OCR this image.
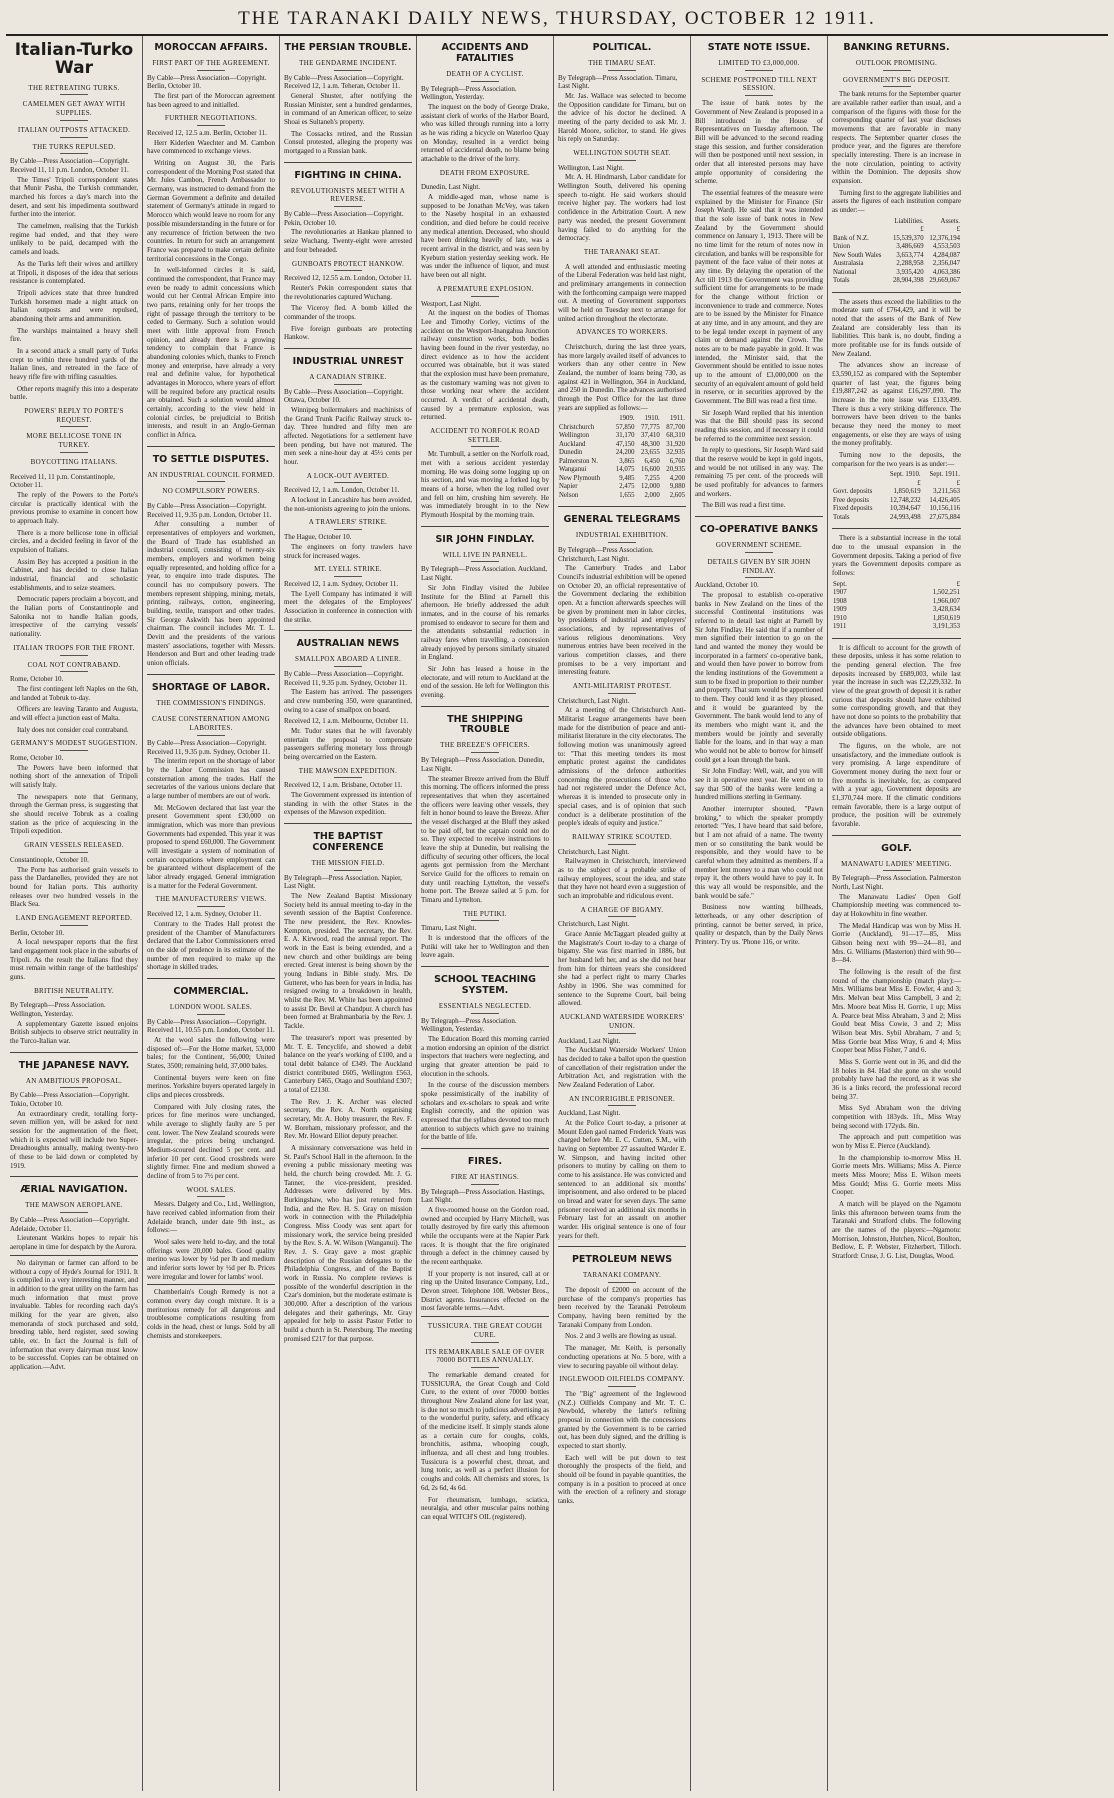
THE TARANAKI DAILY NEWS, THURSDAY, OCTOBER 12 1911.
Italian-Turko War
THE RETREATING TURKS.
CAMELMEN GET AWAY WITH SUPPLIES.
ITALIAN OUTPOSTS ATTACKED.
THE TURKS REPULSED.
By Cable—Press Association—Copyright. Received 11, 11 p.m. London, October 11.
The Times' Tripoli correspondent states that Munir Pasha, the Turkish commander, marched his forces a day's march into the desert, and sent his impedimenta southward further into the interior.
The camelmen, realising that the Turkish regime had ended, and that they were unlikely to be paid, decamped with the camels and loads.
As the Turks left their wives and artillery at Tripoli, it disposes of the idea that serious resistance is contemplated.
Tripoli advices state that three hundred Turkish horsemen made a night attack on Italian outposts and were repulsed, abandoning their arms and ammunition.
The warships maintained a heavy shell fire.
In a second attack a small party of Turks crept to within three hundred yards of the Italian lines, and retreated in the face of heavy rifle fire with trifling casualties.
Other reports magnify this into a desperate battle.
POWERS' REPLY TO PORTE'S REQUEST.
MORE BELLICOSE TONE IN TURKEY.
BOYCOTTING ITALIANS.
Received 11, 11 p.m. Constantinople, October 11.
The reply of the Powers to the Porte's circular is practically identical with the previous promise to examine in concert how to approach Italy.
There is a more bellicose tone in official circles, and a decided feeling in favor of the expulsion of Italians.
Assim Bey has accepted a position in the Cabinet, and has decided to close Italian industrial, financial and scholastic establishments, and to seize steamers.
Democratic papers proclaim a boycott, and the Italian ports of Constantinople and Salonika not to handle Italian goods, irrespective of the carrying vessels' nationality.
ITALIAN TROOPS FOR THE FRONT.
COAL NOT CONTRABAND.
Rome, October 10.
The first contingent left Naples on the 6th, and landed at Tobruk to-day.
Officers are leaving Taranto and Augusta, and will effect a junction east of Malta.
Italy does not consider coal contraband.
GERMANY'S MODEST SUGGESTION.
Rome, October 10.
The Powers have been informed that nothing short of the annexation of Tripoli will satisfy Italy.
The newspapers note that Germany, through the German press, is suggesting that she should receive Tobruk as a coaling station as the price of acquiescing in the Tripoli expedition.
GRAIN VESSELS RELEASED.
Constantinople, October 10.
The Porte has authorised grain vessels to pass the Dardanelles, provided they are not bound for Italian ports. This authority releases over two hundred vessels in the Black Sea.
LAND ENGAGEMENT REPORTED.
Berlin, October 10.
A local newspaper reports that the first land engagement took place in the suburbs of Tripoli. As the result the Italians find they must remain within range of the battleships' guns.
BRITISH NEUTRALITY.
By Telegraph—Press Association. Wellington, Yesterday.
A supplementary Gazette issued enjoins British subjects to observe strict neutrality in the Turco-Italian war.
THE JAPANESE NAVY.
AN AMBITIOUS PROPOSAL.
By Cable—Press Association—Copyright. Tokio, October 10.
An extraordinary credit, totalling forty-seven million yen, will be asked for next session for the augmentation of the fleet, which it is expected will include two Super-Dreadnoughts annually, making twenty-two of these to be laid down or completed by 1919.
ÆRIAL NAVIGATION.
THE MAWSON AEROPLANE.
By Cable—Press Association—Copyright. Adelaide, October 11.
Lieutenant Watkins hopes to repair his aeroplane in time for despatch by the Aurora.
No dairyman or farmer can afford to be without a copy of Hyde's Journal for 1911. It is compiled in a very interesting manner, and in addition to the great utility on the farm has much information that must prove invaluable. Tables for recording each day's milking for the year are given, also memoranda of stock purchased and sold, breeding table, herd register, seed sowing table, etc. In fact the Journal is full of information that every dairyman must know to be successful. Copies can be obtained on application.—Advt.
MOROCCAN AFFAIRS.
FIRST PART OF THE AGREEMENT.
By Cable—Press Association—Copyright. Berlin, October 10.
The first part of the Moroccan agreement has been agreed to and initialled.
FURTHER NEGOTIATIONS.
Received 12, 12.5 a.m. Berlin, October 11.
Herr Kiderlen Waechter and M. Cambon have commenced to exchange views.
Writing on August 30, the Paris correspondent of the Morning Post stated that Mr. Jules Cambon, French Ambassador to Germany, was instructed to demand from the German Government a definite and detailed statement of Germany's attitude in regard to Morocco which would leave no room for any possible misunderstanding in the future or for any recurrence of friction between the two countries. In return for such an arrangement France was prepared to make certain definite territorial concessions in the Congo.
In well-informed circles it is said, continued the correspondent, that France may even be ready to admit concessions which would cut her Central African Empire into two parts, retaining only for her troops the right of passage through the territory to be ceded to Germany. Such a solution would meet with little approval from French opinion, and already there is a growing tendency to complain that France is abandoning colonies which, thanks to French money and enterprise, have already a very real and definite value, for hypothetical advantages in Morocco, where years of effort will be required before any practical results are obtained. Such a solution would almost certainly, according to the view held in colonial circles, be prejudicial to British interests, and result in an Anglo-German conflict in Africa.
TO SETTLE DISPUTES.
AN INDUSTRIAL COUNCIL FORMED.
NO COMPULSORY POWERS.
By Cable—Press Association—Copyright. Received 11, 9.35 p.m. London, October 11.
After consulting a number of representatives of employers and workmen, the Board of Trade has established an industrial council, consisting of twenty-six members, employers and workmen being equally represented, and holding office for a year, to enquire into trade disputes. The council has no compulsory powers. The members represent shipping, mining, metals, printing, railways, cotton, engineering, building, textile, transport and other trades. Sir George Askwith has been appointed chairman. The council includes Mr. T. L. Devitt and the presidents of the various masters' associations, together with Messrs. Henderson and Burt and other leading trade union officials.
SHORTAGE OF LABOR.
THE COMMISSION'S FINDINGS.
CAUSE CONSTERNATION AMONG LABORITES.
By Cable—Press Association—Copyright. Received 11, 9.35 p.m. Sydney, October 11.
The interim report on the shortage of labor by the Labor Commission has caused consternation among the trades. Half the secretaries of the various unions declare that a large number of members are out of work.
Mr. McGowen declared that last year the present Government spent £30,000 on immigration, which was more than previous Governments had expended. This year it was proposed to spend £60,000. The Government will investigate a system of nomination of certain occupations where employment can be guaranteed without displacement of the labor already engaged. General immigration is a matter for the Federal Government.
THE MANUFACTURERS' VIEWS.
Received 12, 1 a.m. Sydney, October 11.
Contrary to the Trades Hall protest the president of the Chamber of Manufacturers declared that the Labor Commissioners erred on the side of prudence in its estimate of the number of men required to make up the shortage in skilled trades.
COMMERCIAL.
LONDON WOOL SALES.
By Cable—Press Association—Copyright. Received 11, 10.55 p.m. London, October 11.
At the wool sales the following were disposed of:—For the Home market, 53,000 bales; for the Continent, 56,000; United States, 3500; remaining held, 37,000 bales.
Continental buyers were keen on fine merinos. Yorkshire buyers operated largely in clips and pieces crossbreds.
Compared with July closing rates, the prices for fine merinos were unchanged, while average to slightly faulty are 5 per cent. lower. The New Zealand scoureds were irregular, the prices being unchanged. Medium-scoured declined 5 per cent. and inferior 10 per cent. Good crossbreds were slightly firmer. Fine and medium showed a decline of from 5 to 7½ per cent.
WOOL SALES.
Messrs. Dalgety and Co., Ltd., Wellington, have received cabled information from their Adelaide branch, under date 9th inst., as follows:—
Wool sales were held to-day, and the total offerings were 20,000 bales. Good quality merino was lower by ½d per lb and medium and inferior sorts lower by ½d per lb. Prices were irregular and lower for lambs' wool.
Chamberlain's Cough Remedy is not a common every day cough mixture. It is a meritorious remedy for all dangerous and troublesome complications resulting from colds in the head, chest or lungs. Sold by all chemists and storekeepers.
THE PERSIAN TROUBLE.
THE GENDARME INCIDENT.
By Cable—Press Association—Copyright. Received 12, 1 a.m. Teheran, October 11.
General Shuster, after notifying the Russian Minister, sent a hundred gendarmes, in command of an American officer, to seize Shoai es Sultaneh's property.
The Cossacks retired, and the Russian Consul protested, alleging the property was mortgaged to a Russian bank.
FIGHTING IN CHINA.
REVOLUTIONISTS MEET WITH A REVERSE.
By Cable—Press Association—Copyright. Pekin, October 10.
The revolutionaries at Hankau planned to seize Wuchang. Twenty-eight were arrested and four beheaded.
GUNBOATS PROTECT HANKOW.
Received 12, 12.55 a.m. London, October 11.
Reuter's Pekin correspondent states that the revolutionaries captured Wuchang.
The Viceroy fled. A bomb killed the commander of the troops.
Five foreign gunboats are protecting Hankow.
INDUSTRIAL UNREST
A CANADIAN STRIKE.
By Cable—Press Association—Copyright. Ottawa, October 10.
Winnipeg boilermakers and machinists of the Grand Trunk Pacific Railway struck to-day. Three hundred and fifty men are affected. Negotiations for a settlement have been pending, but have not matured. The men seek a nine-hour day at 45½ cents per hour.
A LOCK-OUT AVERTED.
Received 12, 1 a.m. London, October 11.
A lockout in Lancashire has been avoided, the non-unionists agreeing to join the unions.
A TRAWLERS' STRIKE.
The Hague, October 10.
The engineers on forty trawlers have struck for increased wages.
MT. LYELL STRIKE.
Received 12, 1 a.m. Sydney, October 11.
The Lyell Company has intimated it will meet the delegates of the Employees' Association in conference in connection with the strike.
AUSTRALIAN NEWS
SMALLPOX ABOARD A LINER.
By Cable—Press Association—Copyright. Received 11, 9.35 p.m. Sydney, October 11.
The Eastern has arrived. The passengers and crew numbering 350, were quarantined, owing to a case of smallpox on board.
Received 12, 1 a.m. Melbourne, October 11.
Mr. Tudor states that he will favorably entertain the proposal to compensate passengers suffering monetary loss through being overcarried on the Eastern.
THE MAWSON EXPEDITION.
Received 12, 1 a.m. Brisbane, October 11.
The Government expressed its intention of standing in with the other States in the expenses of the Mawson expedition.
THE BAPTIST CONFERENCE
THE MISSION FIELD.
By Telegraph—Press Association. Napier, Last Night.
The New Zealand Baptist Missionary Society held its annual meeting to-day in the seventh session of the Baptist Conference. The new president, the Rev. Knowles-Kempton, presided. The secretary, the Rev. E. A. Kirwood, read the annual report. The work in the East is being extended, and a new church and other buildings are being erected. Great interest is being shown by the young Indians in Bible study. Mrs. De Gutteret, who has been for years in India, has resigned owing to a breakdown in health, whilst the Rev. M. White has been appointed to assist Dr. Bevil at Chandpur. A church has been formed at Brahmanbaria by the Rev. J. Tackle.
The treasurer's report was presented by Mr. T. E. Tencyclife, and showed a debit balance on the year's working of £100, and a total debit balance of £349. The Auckland district contributed £605, Wellington £563, Canterbury £465, Otago and Southland £307; a total of £2130.
The Rev. J. K. Archer was elected secretary, the Rev. A. North organising secretary, Mr. A. Hoby treasurer, the Rev. F. W. Boreham, missionary professor, and the Rev. Mr. Howard Elliot deputy preacher.
A missionary conversazione was held in St. Paul's School Hall in the afternoon. In the evening a public missionary meeting was held, the church being crowded. Mr. J. G. Tanner, the vice-president, presided. Addresses were delivered by Mrs. Burkingshaw, who has just returned from India, and the Rev. H. S. Gray on mission work in connection with the Philadelphia Congress. Miss Coody was sent apart for missionary work, the service being presided by the Rev. S. A. W. Wilson (Wanganui). The Rev. J. S. Gray gave a most graphic description of the Russian delegates to the Philadelphia Congress, and of the Baptist work in Russia. No complete reviews is possible of the wonderful description in the Czar's dominion, but the moderate estimate is 300,000. After a description of the various delegates and their gatherings, Mr. Gray appealed for help to assist Pastor Fetler to build a church in St. Petersburg. The meeting promised £217 for that purpose.
ACCIDENTS AND FATALITIES
DEATH OF A CYCLIST.
By Telegraph—Press Association. Wellington, Yesterday.
The inquest on the body of George Drake, assistant clerk of works of the Harbor Board, who was killed through running into a lorry as he was riding a bicycle on Waterloo Quay on Monday, resulted in a verdict being returned of accidental death, no blame being attachable to the driver of the lorry.
DEATH FROM EXPOSURE.
Dunedin, Last Night.
A middle-aged man, whose name is supposed to be Jonathan McVey, was taken to the Naseby hospital in an exhausted condition, and died before he could receive any medical attention. Deceased, who should have been drinking heavily of late, was a recent arrival in the district, and was seen by Kyeburn station yesterday seeking work. He was under the influence of liquor, and must have been out all night.
A PREMATURE EXPLOSION.
Westport, Last Night.
At the inquest on the bodies of Thomas Lee and Timothy Corley, victims of the accident on the Westport-Inangahua Junction railway construction works, both bodies having been found in the river yesterday, no direct evidence as to how the accident occurred was obtainable, but it was stated that the explosion must have been premature, as the customary warning was not given to those working near where the accident occurred. A verdict of accidental death, caused by a premature explosion, was returned.
ACCIDENT TO NORFOLK ROAD SETTLER.
Mr. Turnbull, a settler on the Norfolk road, met with a serious accident yesterday morning. He was doing some logging up on his section, and was moving a forked log by means of a horse, when the log rolled over and fell on him, crushing him severely. He was immediately brought in to the New Plymouth Hospital by the morning train.
SIR JOHN FINDLAY.
WILL LIVE IN PARNELL.
By Telegraph—Press Association. Auckland, Last Night.
Sir John Findlay visited the Jubilee Institute for the Blind at Parnell this afternoon. He briefly addressed the adult inmates, and in the course of his remarks promised to endeavor to secure for them and the attendants substantial reduction in railway fares when travelling, a concession already enjoyed by persons similarly situated in England.
Sir John has leased a house in the electorate, and will return to Auckland at the end of the session. He left for Wellington this evening.
THE SHIPPING TROUBLE
THE BREEZE'S OFFICERS.
By Telegraph—Press Association. Dunedin, Last Night.
The steamer Breeze arrived from the Bluff this morning. The officers informed the press representatives that when they ascertained the officers were leaving other vessels, they felt in honor bound to leave the Breeze. After the vessel discharged at the Bluff they asked to be paid off, but the captain could not do so. They expected to receive instructions to leave the ship at Dunedin, but realising the difficulty of securing other officers, the local agents got permission from the Merchant Service Guild for the officers to remain on duty until reaching Lyttelton, the vessel's home port. The Breeze sailed at 5 p.m. for Timaru and Lyttelton.
THE PUTIKI.
Timaru, Last Night.
It is understood that the officers of the Putiki will take her to Wellington and then leave again.
SCHOOL TEACHING SYSTEM.
ESSENTIALS NEGLECTED.
By Telegraph—Press Association. Wellington, Yesterday.
The Education Board this morning carried a motion endorsing an opinion of the district inspectors that teachers were neglecting, and urging that greater attention be paid to elocution in the schools.
In the course of the discussion members spoke pessimistically of the inability of scholars and ex-scholars to speak and write English correctly, and the opinion was expressed that the syllabus devoted too much attention to subjects which gave no training for the battle of life.
FIRES.
FIRE AT HASTINGS.
By Telegraph—Press Association. Hastings, Last Night.
A five-roomed house on the Gordon road, owned and occupied by Harry Mitchell, was totally destroyed by fire early this afternoon while the occupants were at the Napier Park races. It is thought that the fire originated through a defect in the chimney caused by the recent earthquake.
If your property is not insured, call at or ring up the United Insurance Company, Ltd., Devon street. Telephone 108. Webster Bros., District agents. Insurances effected on the most favorable terms.—Advt.
TUSSICURA. THE GREAT COUGH CURE.
ITS REMARKABLE SALE OF OVER 70000 BOTTLES ANNUALLY.
The remarkable demand created for TUSSICURA, the Great Cough and Cold Cure, to the extent of over 70000 bottles throughout New Zealand alone for last year, is due not so much to judicious advertising as to the wonderful purity, safety, and efficacy of the medicine itself. It simply stands alone as a certain cure for coughs, colds, bronchitis, asthma, whooping cough, influenza, and all chest and lung troubles. Tussicura is a powerful chest, throat, and lung tonic, as well as a perfect illusion for coughs and colds. All chemists and stores, 1s 6d, 2s 6d, 4s 6d.
For rheumatism, lumbago, sciatica, neuralgia, and other muscular pains nothing can equal WITCH'S OIL (registered).
POLITICAL.
THE TIMARU SEAT.
By Telegraph—Press Association. Timaru, Last Night.
Mr. Jas. Wallace was selected to become the Opposition candidate for Timaru, but on the advice of his doctor he declined. A meeting of the party decided to ask Mr. J. Harold Moore, solicitor, to stand. He gives his reply on Saturday.
WELLINGTON SOUTH SEAT.
Wellington, Last Night.
Mr. A. H. Hindmarsh, Labor candidate for Wellington South, delivered his opening speech to-night. He said workers should receive higher pay. The workers had lost confidence in the Arbitration Court. A new party was needed, the present Government having failed to do anything for the democracy.
THE TARANAKI SEAT.
A well attended and enthusiastic meeting of the Liberal Federation was held last night, and preliminary arrangements in connection with the forthcoming campaign were mapped out. A meeting of Government supporters will be held on Tuesday next to arrange for united action throughout the electorate.
ADVANCES TO WORKERS.
Christchurch, during the last three years, has more largely availed itself of advances to workers than any other centre in New Zealand, the number of loans being 730, as against 421 in Wellington, 364 in Auckland, and 250 in Dunedin. The advances authorised through the Post Office for the last three years are supplied as follows:—
	1909.	1910.	1911.
Christchurch	57,850	77,775	87,700
Wellington	31,170	37,410	68,310
Auckland	47,150	48,300	31,920
Dunedin	24,200	23,655	32,935
Palmerston N.	3,865	6,450	6,760
Wanganui	14,075	16,600	20,935
New Plymouth	9,485	7,255	4,200
Napier	2,475	12,000	9,880
Nelson	1,655	2,000	2,605
GENERAL TELEGRAMS
INDUSTRIAL EXHIBITION.
By Telegraph—Press Association. Christchurch, Last Night.
The Canterbury Trades and Labor Council's industrial exhibition will be opened on October 20, an official representative of the Government declaring the exhibition open. At a function afterwards speeches will be given by prominent men in labor circles, by presidents of industrial and employers' associations, and by representatives of various religious denominations. Very numerous entries have been received in the various competition classes, and there promises to be a very important and interesting feature.
ANTI-MILITARIST PROTEST.
Christchurch, Last Night.
At a meeting of the Christchurch Anti-Militarist League arrangements have been made for the distribution of peace and anti-militarist literature in the city electorates. The following motion was unanimously agreed to: "That this meeting tenders its most emphatic protest against the candidates admissions of the defence authorities concerning the prosecutions of those who had not registered under the Defence Act, whereas it is intended to prosecute only in special cases, and is of opinion that such conduct is a deliberate prostitution of the people's ideals of equity and justice."
RAILWAY STRIKE SCOUTED.
Christchurch, Last Night.
Railwaymen in Christchurch, interviewed as to the subject of a probable strike of railway employees, scout the idea, and state that they have not heard even a suggestion of such an improbable and ridiculous event.
A CHARGE OF BIGAMY.
Christchurch, Last Night.
Grace Annie McTaggart pleaded guilty at the Magistrate's Court to-day to a charge of bigamy. She was first married in 1886, but her husband left her, and as she did not hear from him for thirteen years she considered she had a perfect right to marry Charles Ashby in 1906. She was committed for sentence to the Supreme Court, bail being allowed.
AUCKLAND WATERSIDE WORKERS' UNION.
Auckland, Last Night.
The Auckland Waterside Workers' Union has decided to take a ballot upon the question of cancellation of their registration under the Arbitration Act, and registration with the New Zealand Federation of Labor.
AN INCORRIGIBLE PRISONER.
Auckland, Last Night.
At the Police Court to-day, a prisoner at Mount Eden gaol named Frederick Yeats was charged before Mr. E. C. Cutten, S.M., with having on September 27 assaulted Warder E. W. Simpson, and having incited other prisoners to mutiny by calling on them to come to his assistance. He was convicted and sentenced to an additional six months' imprisonment, and also ordered to be placed on bread and water for seven days. The same prisoner received an additional six months in February last for an assault on another warder. His original sentence is one of four years for theft.
PETROLEUM NEWS
TARANAKI COMPANY.
The deposit of £2000 on account of the purchase of the company's properties has been received by the Taranaki Petroleum Company, having been remitted by the Taranaki Company from London.
Nos. 2 and 3 wells are flowing as usual.
The manager, Mr. Keith, is personally conducting operations at No. 5 bore, with a view to securing payable oil without delay.
INGLEWOOD OILFIELDS COMPANY.
The "Big" agreement of the Inglewood (N.Z.) Oilfields Company and Mr. T. C. Newbold, whereby the latter's refining proposal in connection with the concessions granted by the Government is to be carried out, has been duly signed, and the drilling is expected to start shortly.
Each well will be put down to test thoroughly the prospects of the field, and should oil be found in payable quantities, the company is in a position to proceed at once with the erection of a refinery and storage tanks.
STATE NOTE ISSUE.
LIMITED TO £3,000,000.
SCHEME POSTPONED TILL NEXT SESSION.
The issue of bank notes by the Government of New Zealand is proposed in a Bill introduced in the House of Representatives on Tuesday afternoon. The Bill will be advanced to the second reading stage this session, and further consideration will then be postponed until next session, in order that all interested persons may have ample opportunity of considering the scheme.
The essential features of the measure were explained by the Minister for Finance (Sir Joseph Ward). He said that it was intended that the sole issue of bank notes in New Zealand by the Government should commence on January 1, 1913. There will be no time limit for the return of notes now in circulation, and banks will be responsible for payment of the face value of their notes at any time. By delaying the operation of the Act till 1913 the Government was providing sufficient time for arrangements to be made for the change without friction or inconvenience to trade and commerce. Notes are to be issued by the Minister for Finance at any time, and in any amount, and they are to be legal tender except in payment of any claim or demand against the Crown. The notes are to be made payable in gold. It was intended, the Minister said, that the Government should be entitled to issue notes up to the amount of £3,000,000 on the security of an equivalent amount of gold held in reserve, or in securities approved by the Government. The Bill was read a first time.
Sir Joseph Ward replied that his intention was that the Bill should pass its second reading this session, and if necessary it could be referred to the committee next session.
In reply to questions, Sir Joseph Ward said that the reserve would be kept in gold ingots, and would be not utilised in any way. The remaining 75 per cent. of the proceeds will be used profitably for advances to farmers and workers.
The Bill was read a first time.
CO-OPERATIVE BANKS
GOVERNMENT SCHEME.
DETAILS GIVEN BY SIR JOHN FINDLAY.
Auckland, October 10.
The proposal to establish co-operative banks in New Zealand on the lines of the successful Continental institutions was referred to in detail last night at Parnell by Sir John Findlay. He said that if a number of men signified their intention to go on the land and wanted the money they would be incorporated in a farmers' co-operative bank, and would then have power to borrow from the lending institutions of the Government a sum to be fixed in proportion to their number and property. That sum would be apportioned to them. They could lend it as they pleased, and it would be guaranteed by the Government. The bank would lend to any of its members who might want it, and the members would be jointly and severally liable for the loans, and in that way a man who would not be able to borrow for himself could get a loan through the bank.
Sir John Findlay: Well, wait, and you will see it in operative next year. He went on to say that 500 of the banks were lending a hundred millions sterling in Germany.
Another interrupter shouted, "Pawn broking," to which the speaker promptly retorted: "Yes, I have heard that said before, but I am not afraid of a name. The twenty men or so constituting the bank would be responsible, and they would have to be careful whom they admitted as members. If a member lent money to a man who could not repay it, the others would have to pay it. In this way all would be responsible, and the bank would be safe."
Business now wanting billheads, letterheads, or any other description of printing, cannot be better served, in price, quality or despatch, than by the Daily News Printery. Try us. 'Phone 116, or write.
BANKING RETURNS.
OUTLOOK PROMISING.
GOVERNMENT'S BIG DEPOSIT.
The bank returns for the September quarter are available rather earlier than usual, and a comparison of the figures with those for the corresponding quarter of last year discloses movements that are favorable in many respects. The September quarter closes the produce year, and the figures are therefore specially interesting. There is an increase in the note circulation, pointing to activity within the Dominion. The deposits show expansion.
Turning first to the aggregate liabilities and assets the figures of each institution compare as under:—
	Liabilities.	Assets.
	£	£
Bank of N.Z.	15,539,370	12,376,194
Union	3,486,669	4,553,503
New South Wales	3,653,774	4,284,087
Australasia	2,288,958	2,356,047
National	3,935,420	4,063,386
Totals	28,904,398	29,669,067
The assets thus exceed the liabilities to the moderate sum of £764,429, and it will be noted that the assets of the Bank of New Zealand are considerably less than its liabilities. This bank is, no doubt, finding a more profitable use for its funds outside of New Zealand.
The advances show an increase of £3,590,152 as compared with the September quarter of last year, the figures being £19,887,242 as against £16,297,090. The increase in the note issue was £133,499. There is thus a very striking difference. The borrowers have been driven to the banks because they need the money to meet engagements, or else they are ways of using the money profitably.
Turning now to the deposits, the comparison for the two years is as under:—
	Sept. 1910.	Sept. 1911.
	£	£
Govt. deposits	1,850,619	3,211,563
Free deposits	12,748,232	14,426,405
Fixed deposits	10,394,647	10,156,116
Totals	24,993,498	27,675,884
There is a substantial increase in the total due to the unusual expansion in the Government deposits. Taking a period of five years the Government deposits compare as follows:
Sept.	£
1907	1,502,251
1908	1,966,007
1909	3,428,634
1910	1,850,619
1911	3,191,353
It is difficult to account for the growth of these deposits, unless it has some relation to the pending general election. The free deposits increased by £689,003, while last year the increase in such was £2,229,332. In view of the great growth of deposit it is rather curious that deposits should have exhibited some corresponding growth, and that they have not done so points to the probability that the advances have been obtained to meet outside obligations.
The figures, on the whole, are not unsatisfactory, and the immediate outlook is very promising. A large expenditure of Government money during the next four or five months is inevitable, for, as compared with a year ago, Government deposits are £1,370,744 more. If the climatic conditions remain favorable, there is a large output of produce, the position will be extremely favorable.
GOLF.
MANAWATU LADIES' MEETING.
By Telegraph—Press Association. Palmerston North, Last Night.
The Manawatu Ladies' Open Golf Championship meeting was commenced to-day at Hokowhitu in fine weather.
The Medal Handicap was won by Miss H. Gorrie (Auckland), 91—17—85, Miss Gibson being next with 99—24—81, and Mrs. G. Williams (Masterton) third with 90—8—84.
The following is the result of the first round of the championship (match play):—Mrs. Williams beat Miss E. Fowler, 4 and 3; Mrs. Melvan beat Miss Campbell, 3 and 2; Mrs. Moore beat Miss H. Gorrie, 1 up; Miss A. Pearce beat Miss Abraham, 3 and 2; Miss Gould beat Miss Cowie, 3 and 2; Miss Wilson beat Mrs. Sybil Abraham, 7 and 5; Miss Gorrie beat Miss Wray, 6 and 4; Miss Cooper beat Miss Fisher, 7 and 6.
Miss S. Gorrie went out in 36, and did the 18 holes in 84. Had she gone on she would probably have had the record, as it was she 36 is a links record, the professional record being 37.
Miss Syd Abraham won the driving competition with 183yds. 1ft., Miss Wray being second with 172yds. 8in.
The approach and putt competition was won by Miss E. Pierce (Auckland).
In the championship to-morrow Miss H. Gorrie meets Mrs. Williams; Miss A. Pierce meets Miss Moore; Miss E. Wilson meets Miss Gould; Miss G. Gorrie meets Miss Cooper.
A match will be played on the Ngamotu links this afternoon between teams from the Taranaki and Stratford clubs. The following are the names of the players:—Ngamotu: Morrison, Johnston, Hutchen, Nicol, Boulton, Bedlow, E. P. Webster, Fitzherbert, Tilloch. Stratford: Cruse, J. G. List, Douglas, Wood.
